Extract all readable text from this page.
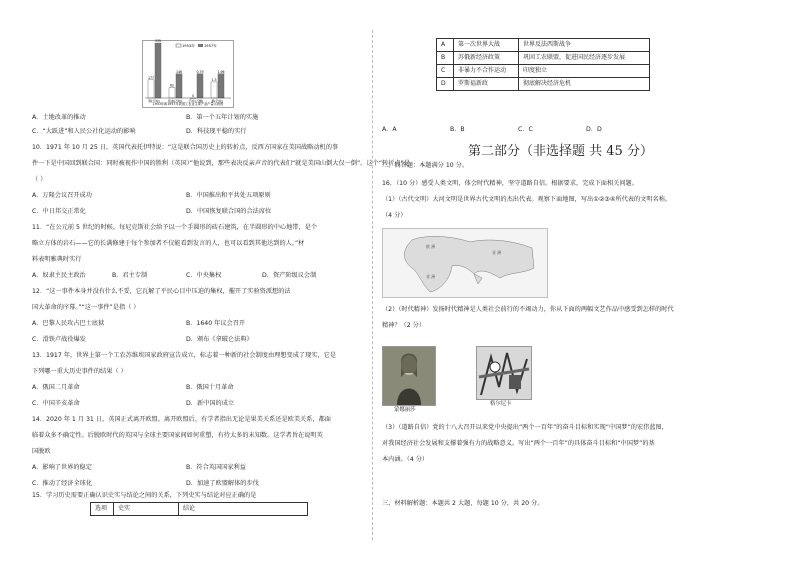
1953年	1957年
177
535
钢(万吨)
62
146
原油(万吨)
0
0.79
汽车(万辆)
1.3
1.96
棉(亿吨)
1953年和1957年我国工农业主要产品产量示意图
A．土地改革的推动	B．第一个五年计划的实施
C．“大跃进”和人民公社化运动的影响	D．科技现平稳的实行
10．1971 年 10 月 25 日，英国代表托伊特说：“这是联合国历史上的转折点，反西方国家在美国战略动机的事
件一下是中国回到联合国：同时被视作中国的胜利（英国）”他说到，那些表决反亲声音的代表们“就是美国山倒大仅一倒”。这个“转折点”是
（ ）
A．万隆会议召开成功	B．中国推出和平共处五项原则
C．中日邦交正常化	D．中国恢复联合国的合法席位
11．“在公元前 5 世纪的时候，每尼克斯社会给予以一个手圆形的砖石建筑，在半圆形的中心地带，是个
略立方体的岩石——它的长满修建于每个参加者不仅能看到发言的人，也可以看到其他达到的人。”材
料表明雅典时实行
A．奴隶主民主政治	B．君主专制	C．中央集权	D．资产阶级议会制
12．“这一事件本身并没有什么不妥，它瓦解了平民心目中压迫的集权，摧开了实验资派想的法
国大革命的序幕。”“这一事件”是指（ ）
A．巴黎人民攻占巴士底狱	B．1640 年议会召开
C．滑铁卢战役爆发	D．颁布《拿破仑法典》
13．1917 年，世界上第一个工农苏维埃国家政府宣告成立，标志着一种新的社会制度由理想变成了现实，它是
下列哪一重大历史事件的结果（ ）
A．俄国二月革命	B．俄国十月革命
C．中国辛亥革命	D．新中国的成立
14．2020 年 1 月 31 日，英国正式离开欧盟。离开欧盟后，有学者指出无论是果美关系还是欧美关系，都面
临着众多不确定性。后脱欧时代的英国与全球主要国家间如何重塑，有待太多的未知数。这学者旨在说明英
国脱欧
A．影响了世界的稳定	B．符合英国国家利益
C．推动了经济全球化	D．加速了欧盟解体的步伐
15．学习历史需要正确认识史实与结论之间的关系，下列史实与结论对应正确的是
选项	史实	结论
A	第一次世界大战	世界反法西斯战争
B	苏俄新经济政策	巩固工农联盟，促进国民经济逐步发展
C	非暴力不合作运动	印度独立
D	罗斯福新政	彻底解决经济危机
A．A	B．B	C．C	D．D
第二部分（非选择题 共 45 分）
二、简答题：本题满分 10 分。
16．（10 分）感受人类文明，体会时代精神，坚守道路自信。根据要求，完成下面相关问题。
（1）（古代文明）大河文明是世界古代文明的杰出代表。观察下面地图，写出①②③④所代表的文明名称。
（4 分）
欧 洲
亚 洲
非 洲
（2）（时代精神）发扬时代精神是人类社会前行的不竭动力，你从下面的两幅文艺作品中感受到怎样的时代
精神？（2 分）
蒙娜丽莎
格尔尼卡
（3）（道路自信）党的十八大召开以来党中央提出“两个一百年”的奋斗目标和实现“中国梦”的宏伟蓝图，
对我国经济社会发展和支撑着强有力的战略意义。写出“两个一百年”的具体奋斗目标和“中国梦”的基
本内涵。（4 分）
三、材料解析题：本题共 2 大题，每题 10 分，共 20 分。
